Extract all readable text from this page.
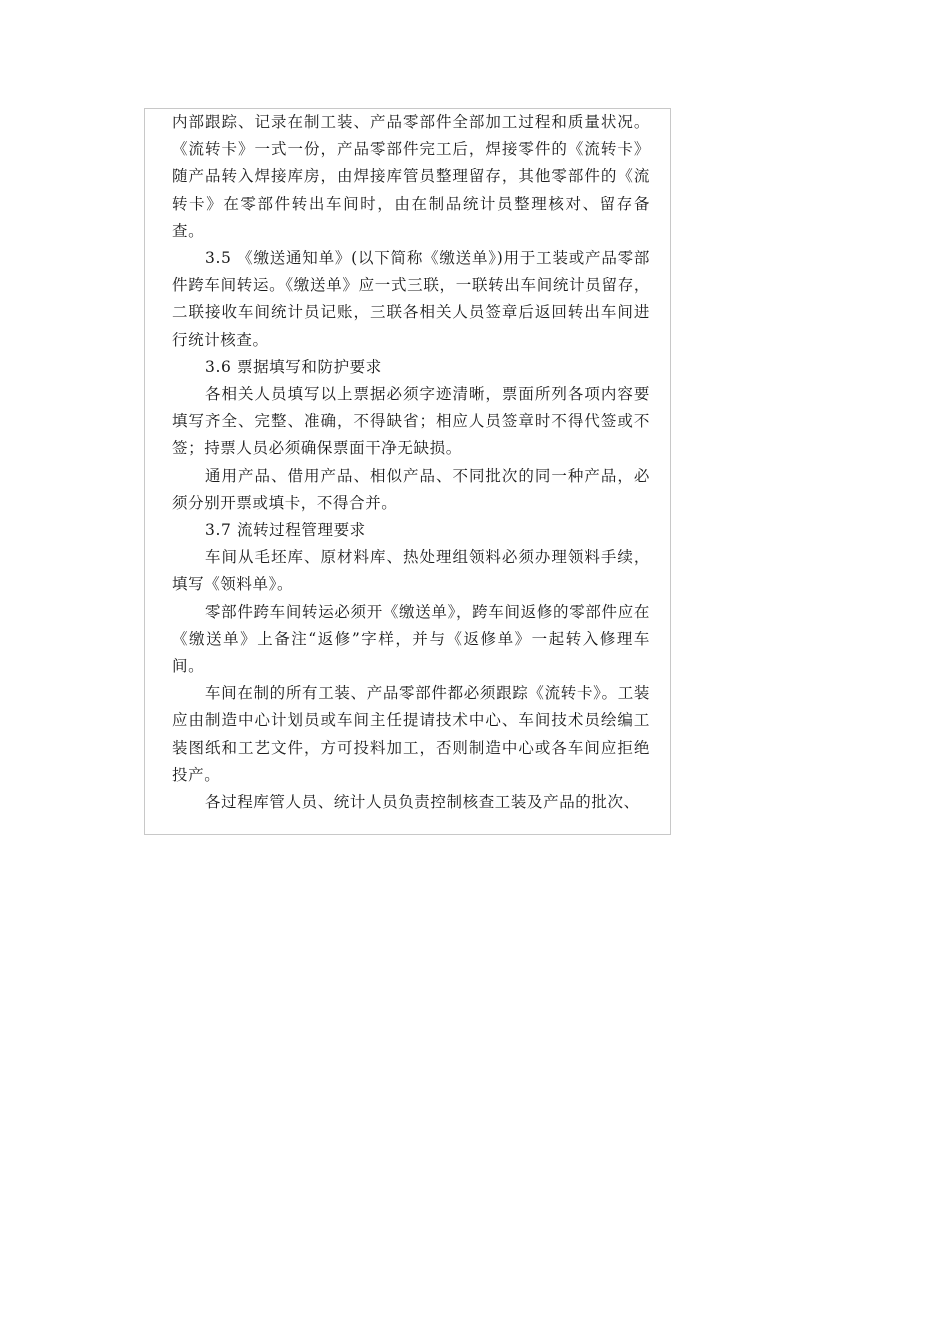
内部跟踪、记录在制工装、产品零部件全部加工过程和质量状况。《流转卡》一式一份，产品零部件完工后，焊接零件的《流转卡》随产品转入焊接库房，由焊接库管员整理留存，其他零部件的《流转卡》在零部件转出车间时，由在制品统计员整理核对、留存备查。

3.5 《缴送通知单》(以下简称《缴送单》)用于工装或产品零部件跨车间转运。《缴送单》应一式三联，一联转出车间统计员留存，二联接收车间统计员记账，三联各相关人员签章后返回转出车间进行统计核查。

3.6 票据填写和防护要求

各相关人员填写以上票据必须字迹清晰，票面所列各项内容要填写齐全、完整、准确，不得缺省；相应人员签章时不得代签或不签；持票人员必须确保票面干净无缺损。

通用产品、借用产品、相似产品、不同批次的同一种产品，必须分别开票或填卡，不得合并。

3.7 流转过程管理要求

车间从毛坯库、原材料库、热处理组领料必须办理领料手续，填写《领料单》。

零部件跨车间转运必须开《缴送单》，跨车间返修的零部件应在《缴送单》上备注“返修”字样，并与《返修单》一起转入修理车间。

车间在制的所有工装、产品零部件都必须跟踪《流转卡》。工装应由制造中心计划员或车间主任提请技术中心、车间技术员绘编工装图纸和工艺文件，方可投料加工，否则制造中心或各车间应拒绝投产。

各过程库管人员、统计人员负责控制核查工装及产品的批次、
